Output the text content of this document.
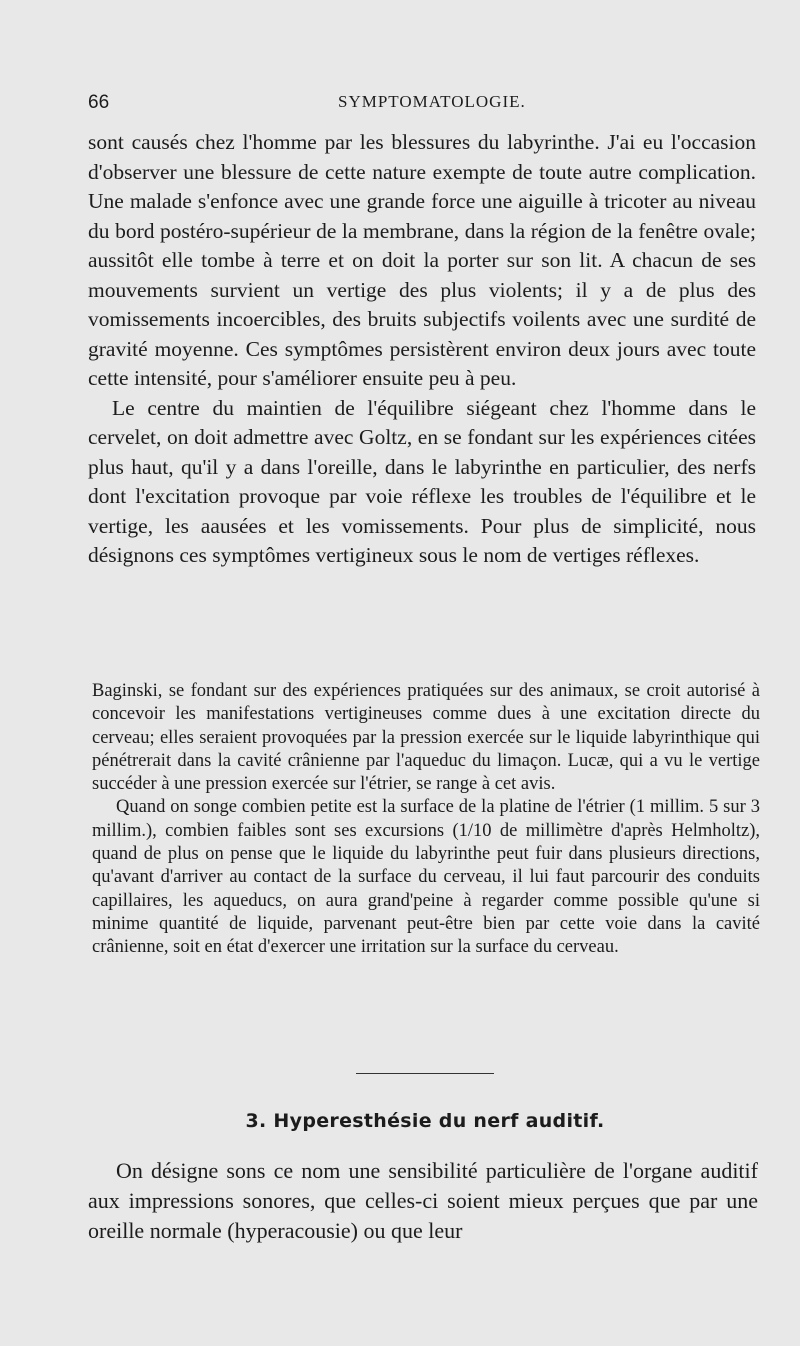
66	SYMPTOMATOLOGIE.

sont causés chez l'homme par les blessures du labyrinthe. J'ai eu l'occasion d'observer une blessure de cette nature exempte de toute autre complication. Une malade s'enfonce avec une grande force une aiguille à tricoter au niveau du bord postéro-supérieur de la membrane, dans la région de la fenêtre ovale; aussitôt elle tombe à terre et on doit la porter sur son lit. A chacun de ses mouvements survient un vertige des plus violents; il y a de plus des vomissements incoercibles, des bruits subjectifs voilents avec une surdité de gravité moyenne. Ces symptômes persistèrent environ deux jours avec toute cette intensité, pour s'améliorer ensuite peu à peu.

Le centre du maintien de l'équilibre siégeant chez l'homme dans le cervelet, on doit admettre avec Goltz, en se fondant sur les expériences citées plus haut, qu'il y a dans l'oreille, dans le labyrinthe en particulier, des nerfs dont l'excitation provoque par voie réflexe les troubles de l'équilibre et le vertige, les aausées et les vomissements. Pour plus de simplicité, nous désignons ces symptômes vertigineux sous le nom de vertiges réflexes.

Baginski, se fondant sur des expériences pratiquées sur des animaux, se croit autorisé à concevoir les manifestations vertigineuses comme dues à une excitation directe du cerveau; elles seraient provoquées par la pression exercée sur le liquide labyrinthique qui pénétrerait dans la cavité crânienne par l'aqueduc du limaçon. Lucæ, qui a vu le vertige succéder à une pression exercée sur l'étrier, se range à cet avis.

Quand on songe combien petite est la surface de la platine de l'étrier (1 millim. 5 sur 3 millim.), combien faibles sont ses excursions (1/10 de millimètre d'après Helmholtz), quand de plus on pense que le liquide du labyrinthe peut fuir dans plusieurs directions, qu'avant d'arriver au contact de la surface du cerveau, il lui faut parcourir des conduits capillaires, les aqueducs, on aura grand'peine à regarder comme possible qu'une si minime quantité de liquide, parvenant peut-être bien par cette voie dans la cavité crânienne, soit en état d'exercer une irritation sur la surface du cerveau.

3. Hyperesthésie du nerf auditif.

On désigne sons ce nom une sensibilité particulière de l'organe auditif aux impressions sonores, que celles-ci soient mieux perçues que par une oreille normale (hyperacousie) ou que leur
